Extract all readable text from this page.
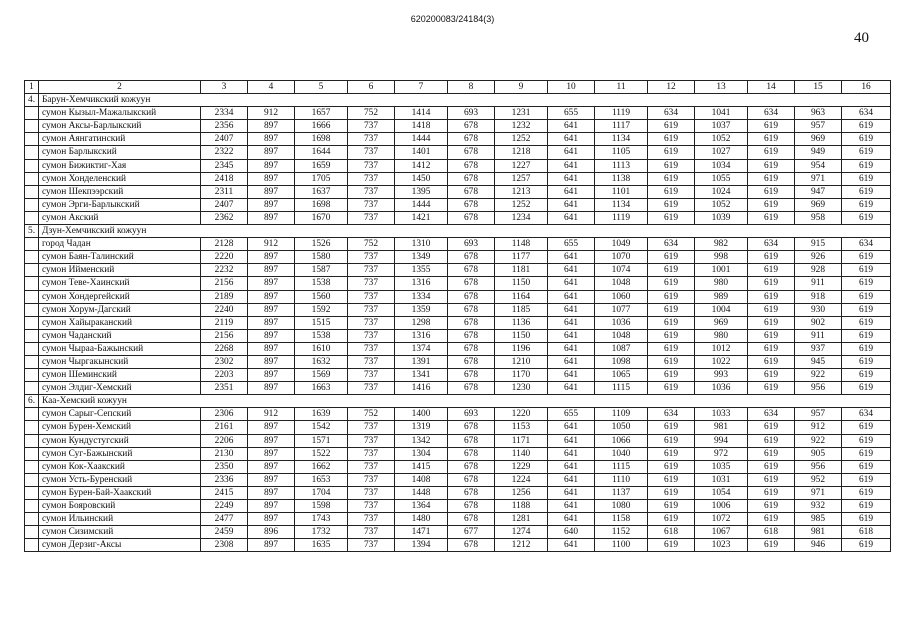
620200083/24184(3)
40
1	2	3	4	5	6	7	8	9	10	11	12	13	14	15	16
4.	Барун-Хемчикский кожуун														
	сумон Кызыл-Мажалыкский	2334	912	1657	752	1414	693	1231	655	1119	634	1041	634	963	634
	сумон Аксы-Барлыкский	2356	897	1666	737	1418	678	1232	641	1117	619	1037	619	957	619
	сумон Аянгатинский	2407	897	1698	737	1444	678	1252	641	1134	619	1052	619	969	619
	сумон Барлыкский	2322	897	1644	737	1401	678	1218	641	1105	619	1027	619	949	619
	сумон Бижиктиг-Хая	2345	897	1659	737	1412	678	1227	641	1113	619	1034	619	954	619
	сумон Хонделенский	2418	897	1705	737	1450	678	1257	641	1138	619	1055	619	971	619
	сумон Шекпээрский	2311	897	1637	737	1395	678	1213	641	1101	619	1024	619	947	619
	сумон Эрги-Барлыкский	2407	897	1698	737	1444	678	1252	641	1134	619	1052	619	969	619
	сумон Акский	2362	897	1670	737	1421	678	1234	641	1119	619	1039	619	958	619
5.	Дзун-Хемчикский кожуун														
	город Чадан	2128	912	1526	752	1310	693	1148	655	1049	634	982	634	915	634
	сумон Баян-Талинский	2220	897	1580	737	1349	678	1177	641	1070	619	998	619	926	619
	сумон Ийменский	2232	897	1587	737	1355	678	1181	641	1074	619	1001	619	928	619
	сумон Теве-Хаинский	2156	897	1538	737	1316	678	1150	641	1048	619	980	619	911	619
	сумон Хондергейский	2189	897	1560	737	1334	678	1164	641	1060	619	989	619	918	619
	сумон Хорум-Дагский	2240	897	1592	737	1359	678	1185	641	1077	619	1004	619	930	619
	сумон Хайыраканский	2119	897	1515	737	1298	678	1136	641	1036	619	969	619	902	619
	сумон Чаданский	2156	897	1538	737	1316	678	1150	641	1048	619	980	619	911	619
	сумон Чыраа-Бажынский	2268	897	1610	737	1374	678	1196	641	1087	619	1012	619	937	619
	сумон Чыргакынский	2302	897	1632	737	1391	678	1210	641	1098	619	1022	619	945	619
	сумон Шеминский	2203	897	1569	737	1341	678	1170	641	1065	619	993	619	922	619
	сумон Элдиг-Хемский	2351	897	1663	737	1416	678	1230	641	1115	619	1036	619	956	619
6.	Каа-Хемский кожуун														
	сумон Сарыг-Сепский	2306	912	1639	752	1400	693	1220	655	1109	634	1033	634	957	634
	сумон Бурен-Хемский	2161	897	1542	737	1319	678	1153	641	1050	619	981	619	912	619
	сумон Кундустугский	2206	897	1571	737	1342	678	1171	641	1066	619	994	619	922	619
	сумон Суг-Бажынский	2130	897	1522	737	1304	678	1140	641	1040	619	972	619	905	619
	сумон Кок-Хаакский	2350	897	1662	737	1415	678	1229	641	1115	619	1035	619	956	619
	сумон Усть-Буренский	2336	897	1653	737	1408	678	1224	641	1110	619	1031	619	952	619
	сумон Бурен-Бай-Хаакский	2415	897	1704	737	1448	678	1256	641	1137	619	1054	619	971	619
	сумон Бояровский	2249	897	1598	737	1364	678	1188	641	1080	619	1006	619	932	619
	сумон Ильинский	2477	897	1743	737	1480	678	1281	641	1158	619	1072	619	985	619
	сумон Сизимский	2459	896	1732	737	1471	677	1274	640	1152	618	1067	618	981	618
	сумон Дерзиг-Аксы	2308	897	1635	737	1394	678	1212	641	1100	619	1023	619	946	619
